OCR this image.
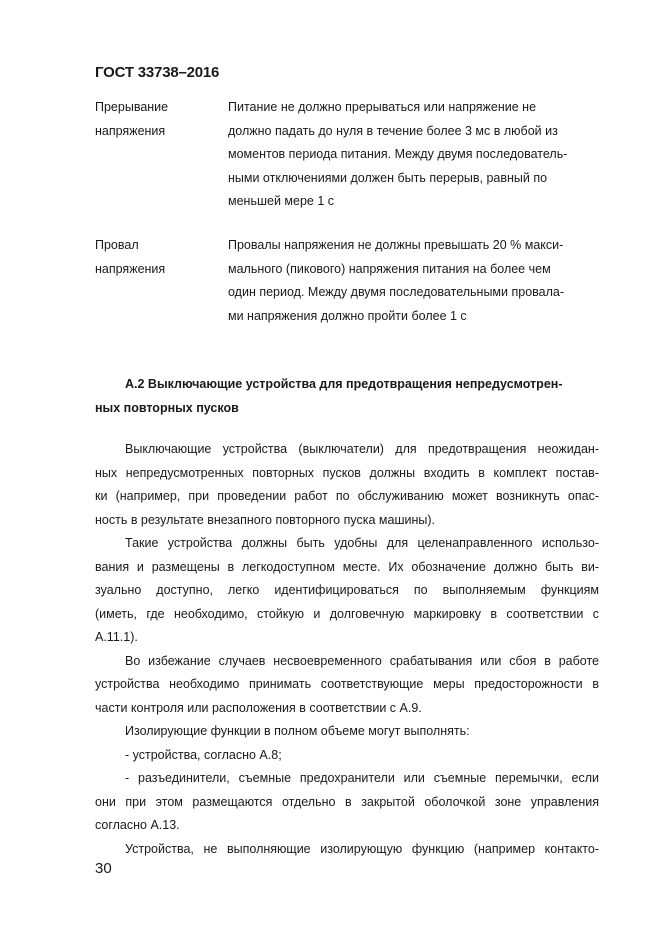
ГОСТ 33738–2016
Прерывание
напряжения
Питание не должно прерываться или напряжение не
должно падать до нуля в течение более 3 мс в любой из
моментов периода питания. Между двумя последователь-
ными отключениями должен быть перерыв, равный по
меньшей мере 1 с
Провал
напряжения
Провалы напряжения не должны превышать 20 % макси-
мального (пикового) напряжения питания на более чем
один период. Между двумя последовательными провала-
ми напряжения должно пройти более 1 с
А.2 Выключающие устройства для предотвращения непредусмотрен-
ных повторных пусков
Выключающие устройства (выключатели) для предотвращения неожидан-
ных непредусмотренных повторных пусков должны входить в комплект постав-
ки (например, при проведении работ по обслуживанию может возникнуть опас-
ность в результате внезапного повторного пуска машины).
Такие устройства должны быть удобны для целенаправленного использо-
вания и размещены в легкодоступном месте. Их обозначение должно быть ви-
зуально доступно, легко идентифицироваться по выполняемым функциям
(иметь, где необходимо, стойкую и долговечную маркировку в соответствии с
А.11.1).
Во избежание случаев несвоевременного срабатывания или сбоя в работе
устройства необходимо принимать соответствующие меры предосторожности в
части контроля или расположения в соответствии с А.9.
Изолирующие функции в полном объеме могут выполнять:
- устройства, согласно А.8;
- разъединители, съемные предохранители или съемные перемычки, если
они при этом размещаются отдельно в закрытой оболочкой зоне управления
согласно А.13.
Устройства, не выполняющие изолирующую функцию (например контакто-
30
